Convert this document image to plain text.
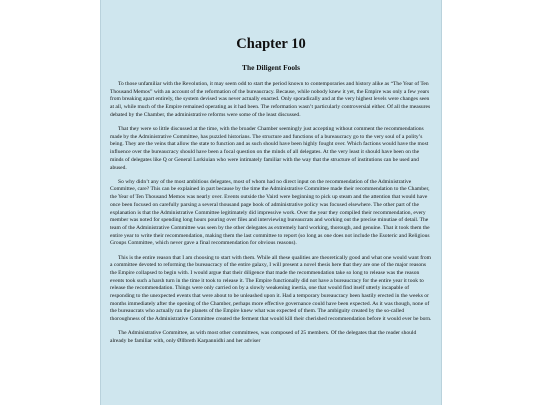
Chapter 10
The Diligent Fools

To those unfamiliar with the Revolution, it may seem odd to start the period known to contemporaries and history alike as “The Year of Ten Thousand Memos” with an account of the reformation of the bureaucracy. Because, while nobody knew it yet, the Empire was only a few years from breaking apart entirely, the system devised was never actually enacted. Only sporadically and at the very highest levels were changes seen at all, while much of the Empire remained operating as it had been. The reformation wasn’t particularly controversial either. Of all the measures debated by the Chamber, the administrative reforms were some of the least discussed.

That they were so little discussed at the time, with the broader Chamber seemingly just accepting without comment the recommendations made by the Administrative Committee, has puzzled historians. The structure and functions of a bureaucracy go to the very soul of a polity’s being. They are the veins that allow the state to function and as such should have been highly fought over. Which factions would have the most influence over the bureaucracy should have been a focal question on the minds of all delegates. At the very least it should have been on the minds of delegates like Q or General Lorkiuian who were intimately familiar with the way that the structure of institutions can be used and abused.

So why didn’t any of the most ambitious delegates, most of whom had no direct input on the recommendation of the Administrative Committee, care? This can be explained in part because by the time the Administrative Committee made their recommendation to the Chamber, the Year of Ten Thousand Memos was nearly over. Events outside the Vaird were beginning to pick up steam and the attention that would have once been focused on carefully parsing a several thousand page book of administrative policy was focused elsewhere. The other part of the explanation is that the Administrative Committee legitimately did impressive work. Over the year they compiled their recommendation, every member was noted for spending long hours pouring over files and interviewing bureaucrats and working out the precise minutiae of detail. The team of the Administrative Committee was seen by the other delegates as extremely hard working, thorough, and genuine. That it took them the entire year to write their recommendation, making them the last committee to report (so long as one does not include the Esoteric and Religious Groups Committee, which never gave a final recommendation for obvious reasons).

This is the entire reason that I am choosing to start with them. While all these qualities are theoretically good and what one would want from a committee devoted to reforming the bureaucracy of the entire galaxy, I will present a novel thesis here that they are one of the major reasons the Empire collapsed to begin with. I would argue that their diligence that made the recommendation take so long to release was the reason events took such a harsh turn in the time it took to release it. The Empire functionally did not have a bureaucracy for the entire year it took to release the recommendation. Things were only carried on by a slowly weakening inertia, one that would find itself utterly incapable of responding to the unexpected events that were about to be unleashed upon it. Had a temporary bureaucracy been hastily erected in the weeks or months immediately after the opening of the Chamber, perhaps more effective governance could have been expected. As it was though, none of the bureaucrats who actually ran the planets of the Empire knew what was expected of them. The ambiguity created by the so-called thoroughness of the Administrative Committee created the ferment that would kill their cherished recommendation before it would ever be born.

The Administrative Committee, as with most other committees, was composed of 25 members. Of the delegates that the reader should already be familiar with, only Øllbreth Karpannidhi and her adviser
